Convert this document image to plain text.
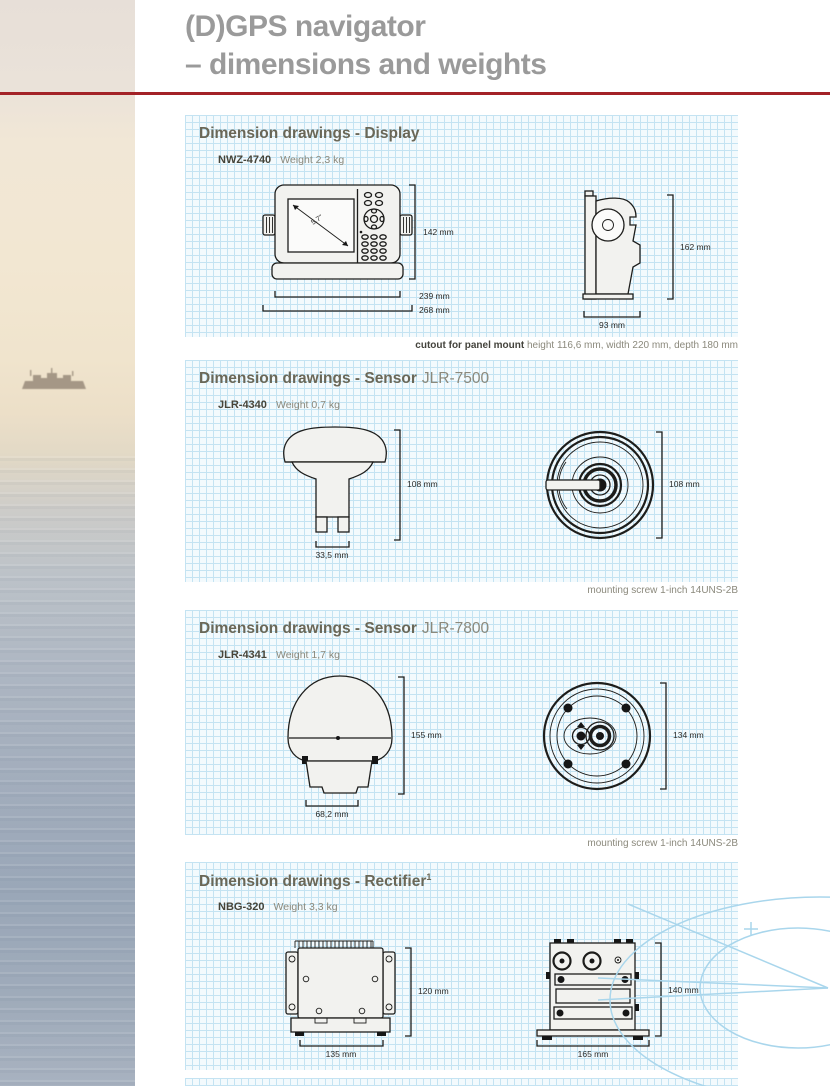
(D)GPS navigator
– dimensions and weights
Dimension drawings - Display
NWZ-4740 Weight 2,3 kg
5.7"
142 mm
239 mm
268 mm
162 mm
93 mm
cutout for panel mount height 116,6 mm, width 220 mm, depth 180 mm
Dimension drawings - Sensor JLR-7500
JLR-4340 Weight 0,7 kg
108 mm
33,5 mm
108 mm
mounting screw 1-inch 14UNS-2B
Dimension drawings - Sensor JLR-7800
JLR-4341 Weight 1,7 kg
155 mm
68,2 mm
134 mm
mounting screw 1-inch 14UNS-2B
Dimension drawings - Rectifier$^1$
NBG-320 Weight 3,3 kg
120 mm
135 mm
140 mm
165 mm
